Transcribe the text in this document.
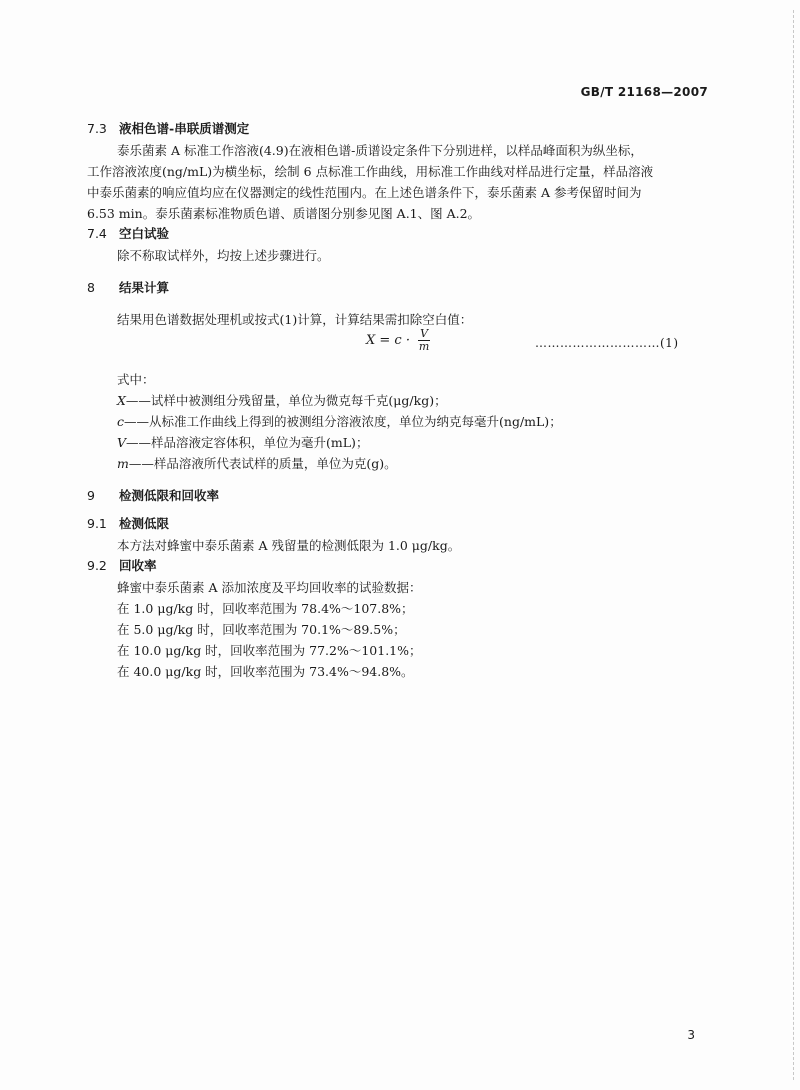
GB/T 21168—2007
7.3 液相色谱-串联质谱测定
泰乐菌素 A 标准工作溶液(4.9)在液相色谱-质谱设定条件下分别进样，以样品峰面积为纵坐标，
工作溶液浓度(ng/mL)为横坐标，绘制 6 点标准工作曲线，用标准工作曲线对样品进行定量，样品溶液
中泰乐菌素的响应值均应在仪器测定的线性范围内。在上述色谱条件下，泰乐菌素 A 参考保留时间为
6.53 min。泰乐菌素标准物质色谱、质谱图分别参见图 A.1、图 A.2。
7.4 空白试验
除不称取试样外，均按上述步骤进行。
8 结果计算
结果用色谱数据处理机或按式(1)计算，计算结果需扣除空白值：
$X = c \cdot \frac{V}{m}$	…………………………(1)
式中：
X——试样中被测组分残留量，单位为微克每千克(μg/kg)；
c——从标准工作曲线上得到的被测组分溶液浓度，单位为纳克每毫升(ng/mL)；
V——样品溶液定容体积，单位为毫升(mL)；
m——样品溶液所代表试样的质量，单位为克(g)。
9 检测低限和回收率
9.1 检测低限
本方法对蜂蜜中泰乐菌素 A 残留量的检测低限为 1.0 μg/kg。
9.2 回收率
蜂蜜中泰乐菌素 A 添加浓度及平均回收率的试验数据：
在 1.0 μg/kg 时，回收率范围为 78.4%～107.8%；
在 5.0 μg/kg 时，回收率范围为 70.1%～89.5%；
在 10.0 μg/kg 时，回收率范围为 77.2%～101.1%；
在 40.0 μg/kg 时，回收率范围为 73.4%～94.8%。
3
